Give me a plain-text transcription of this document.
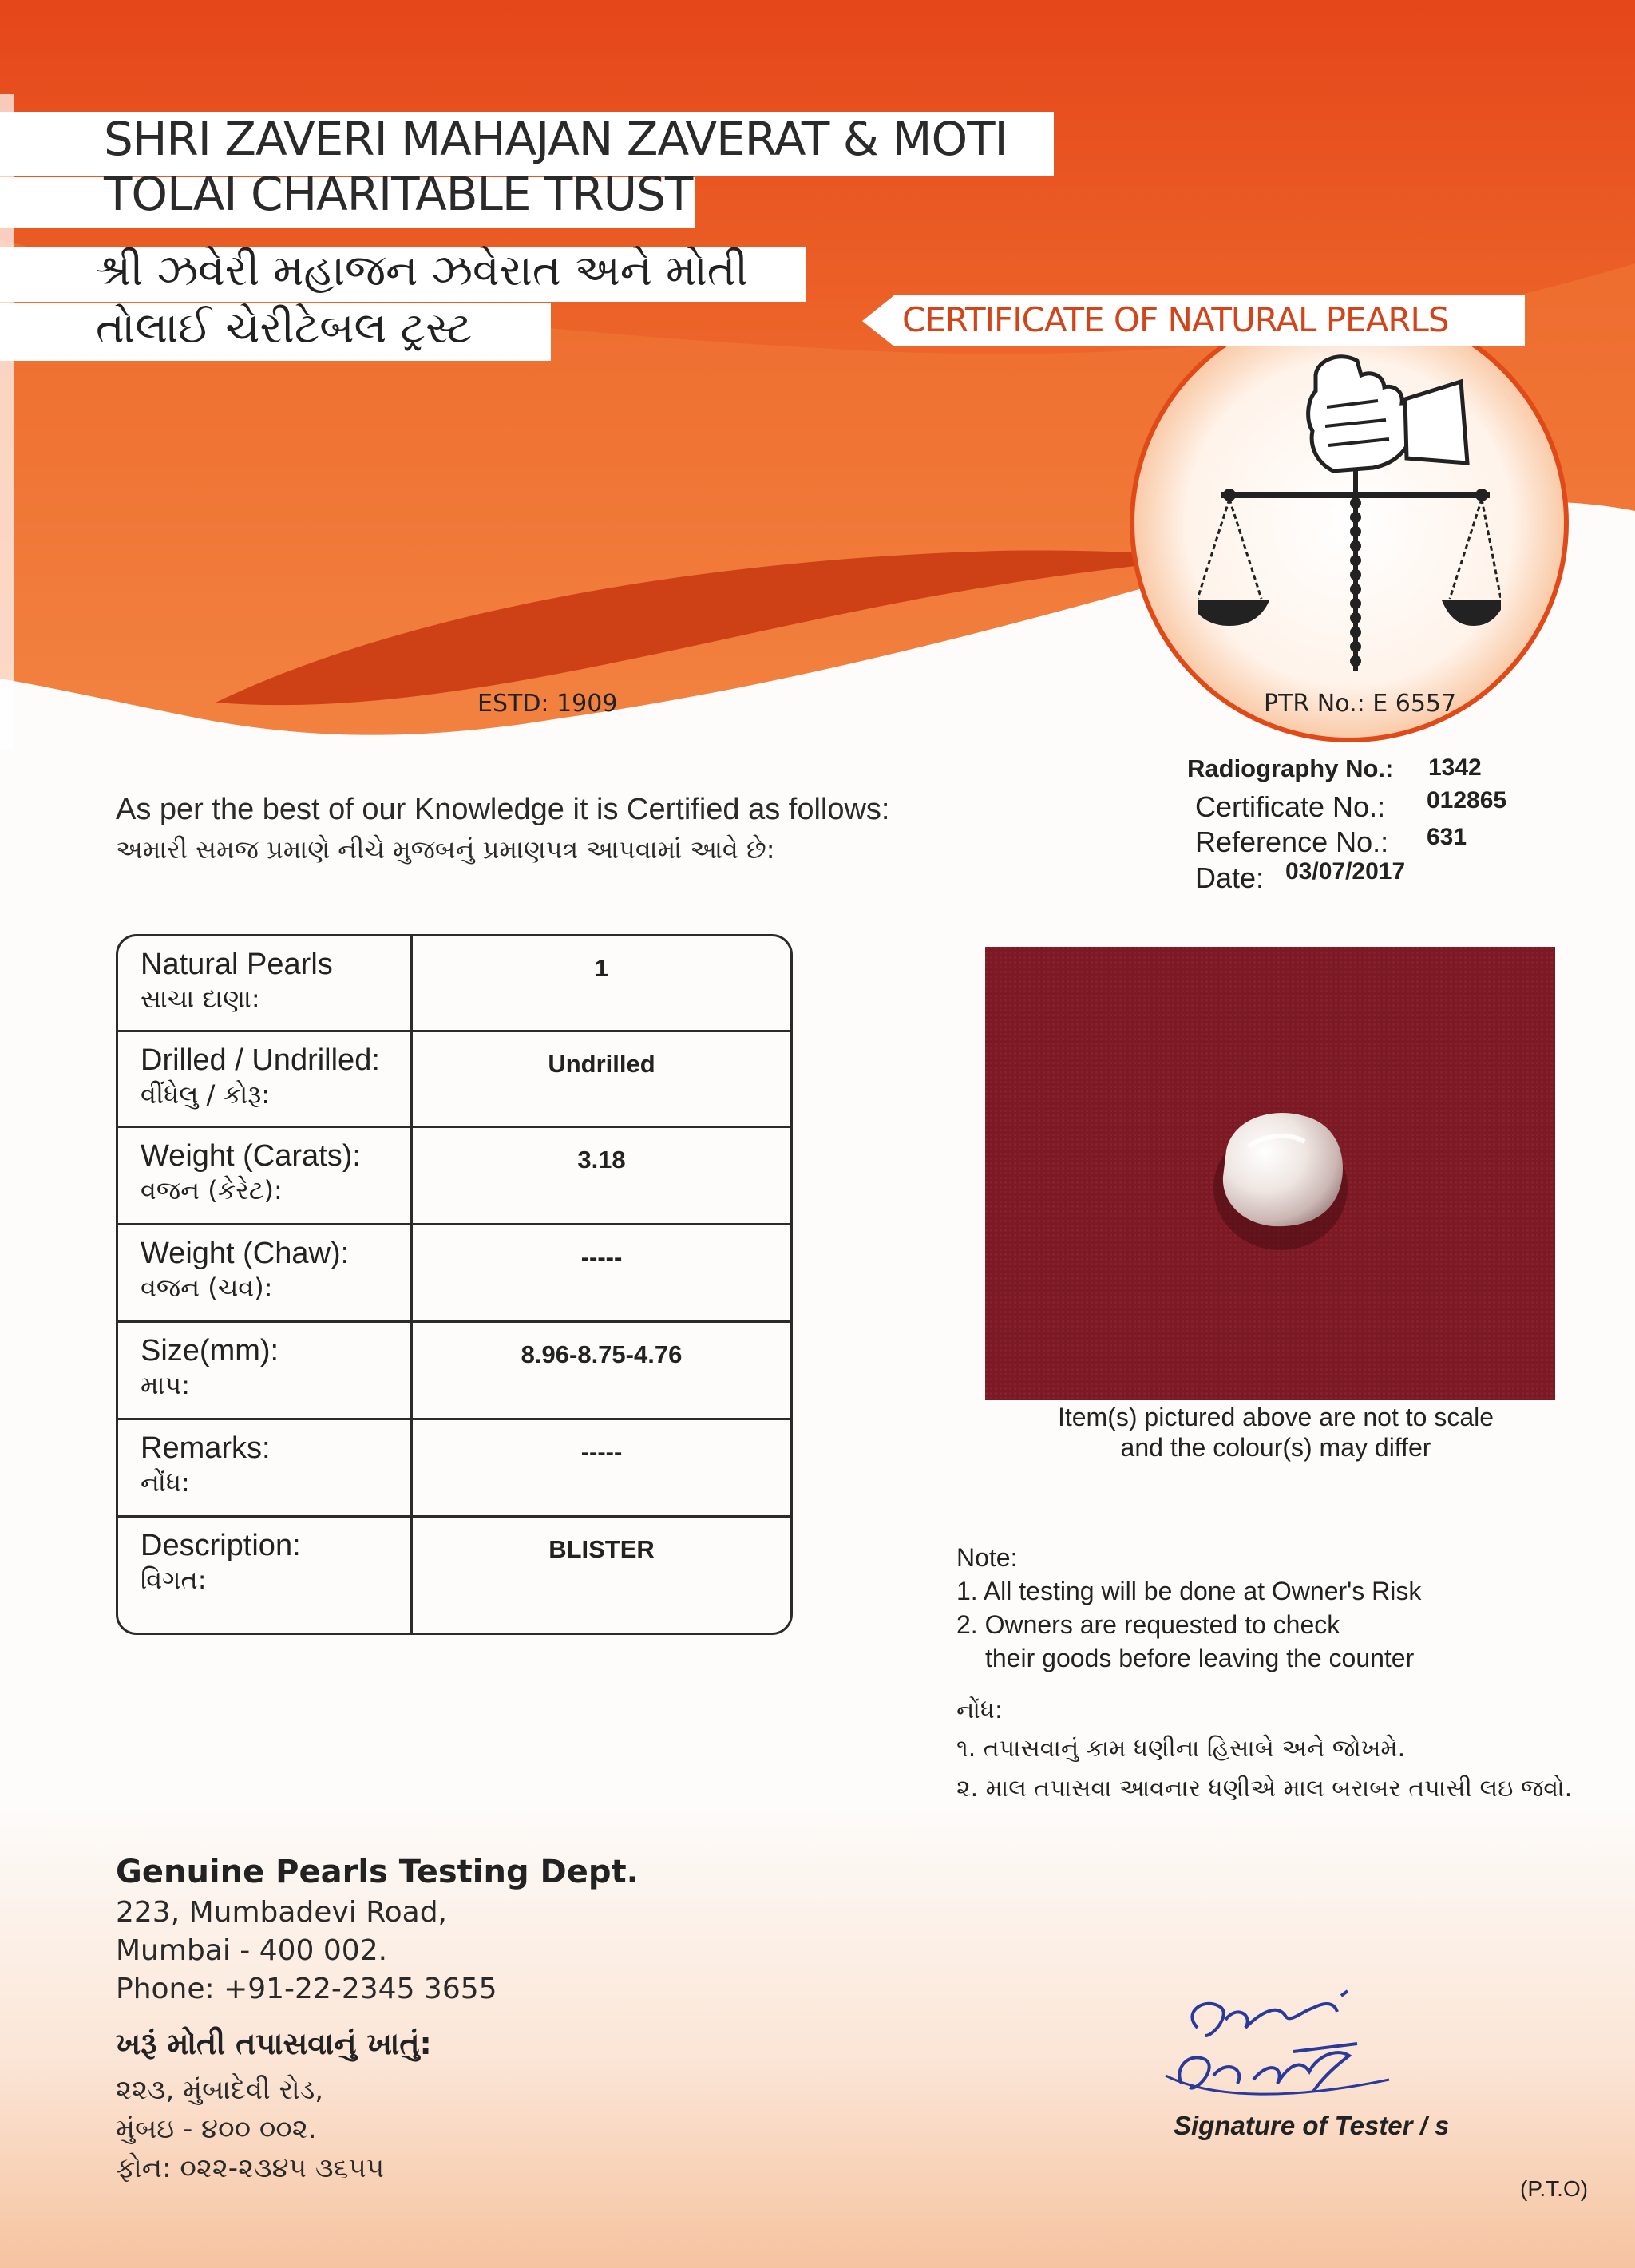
SHRI ZAVERI MAHAJAN ZAVERAT & MOTI
TOLAI CHARITABLE TRUST
શ્રી ઝવેરી મહાજન ઝવેરાત અને મોતી
તોલાઈ ચેરીટેબલ ટ્રસ્ટ	CERTIFICATE OF NATURAL PEARLS
ESTD: 1909	PTR No.: E 6557
Radiography No.: 1342
Certificate No.: 012865
Reference No.: 631
Date: 03/07/2017
As per the best of our Knowledge it is Certified as follows:
અમારી સમજ પ્રમાણે નીચે મુજબનું પ્રમાણપત્ર આપવામાં આવે છે:
Natural Pearls
સાચા દાણા:
1
Drilled / Undrilled:
વીંધેલુ / કોરૂ:
Undrilled
Weight (Carats):
વજન (કેરેટ):
3.18
Weight (Chaw):
વજન (ચવ):
-----
Size(mm):
માપ:
8.96-8.75-4.76
Remarks:
નોંધ:
-----
Description:
વિગત:
BLISTER
Item(s) pictured above are not to scale
and the colour(s) may differ
Note:
1. All testing will be done at Owner's Risk
2. Owners are requested to check
their goods before leaving the counter
નોંધ:
૧. તપાસવાનું કામ ધણીના હિસાબે અને જોખમે.
૨. માલ તપાસવા આવનાર ધણીએ માલ બરાબર તપાસી લઇ જવો.
Genuine Pearls Testing Dept.
223, Mumbadevi Road,
Mumbai - 400 002.
Phone: +91-22-2345 3655
ખરૂં મોતી તપાસવાનું ખાતું:
૨૨૩, મુંબાદેવી રોડ,
મુંબઇ - ૪૦૦ ૦૦૨.
ફોન: ૦૨૨-૨૩૪૫ ૩૬૫૫
Signature of Tester / s
(P.T.O)
